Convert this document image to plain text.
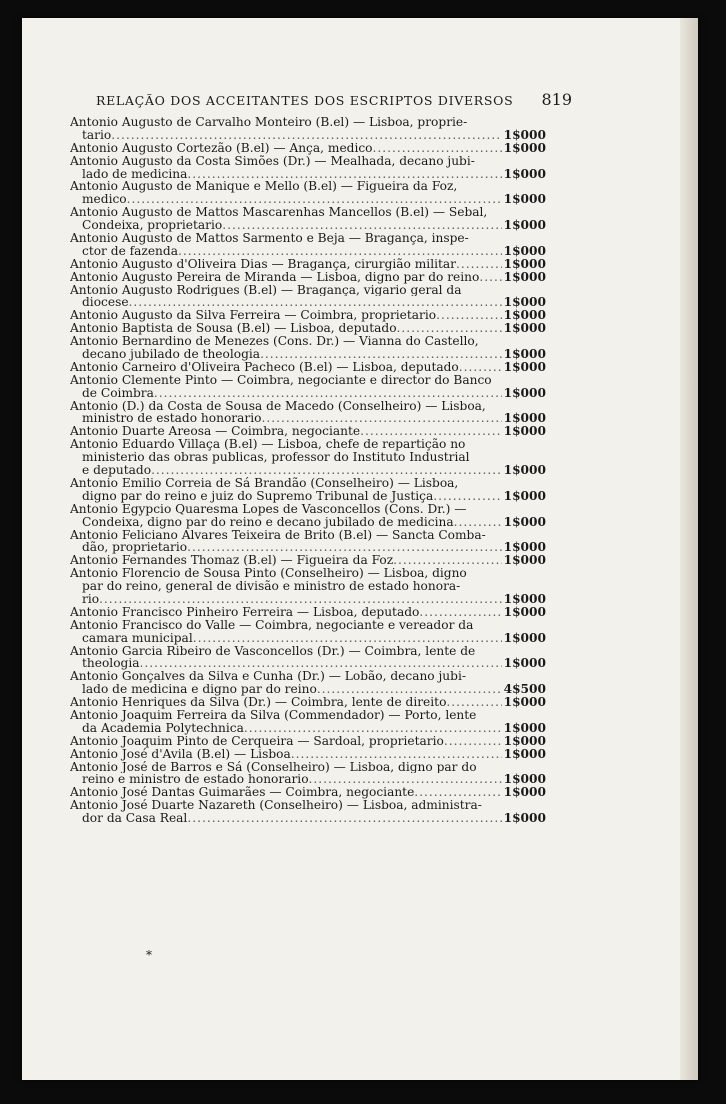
RELAÇÃO DOS ACCEITANTES DOS ESCRIPTOS DIVERSOS 819
Antonio Augusto de Carvalho Monteiro (B.el) — Lisboa, proprie-
tario .....	1$000
Antonio Augusto Cortezão (B.el) — Ança, medico .....	1$000
Antonio Augusto da Costa Simões (Dr.) — Mealhada, decano jubi-
lado de medicina .....	1$000
Antonio Augusto de Manique e Mello (B.el) — Figueira da Foz,
medico .....	1$000
Antonio Augusto de Mattos Mascarenhas Mancellos (B.el) — Sebal,
Condeixa, proprietario .....	1$000
Antonio Augusto de Mattos Sarmento e Beja — Bragança, inspe-
ctor de fazenda .....	1$000
Antonio Augusto d'Oliveira Dias — Bragança, cirurgião militar .....	1$000
Antonio Augusto Pereira de Miranda — Lisboa, digno par do reino ..... 1$000
Antonio Augusto Rodrigues (B.el) — Bragança, vigario geral da
diocese .....	1$000
Antonio Augusto da Silva Ferreira — Coimbra, proprietario .....	1$000
Antonio Baptista de Sousa (B.el) — Lisboa, deputado .....	1$000
Antonio Bernardino de Menezes (Cons. Dr.) — Vianna do Castello,
decano jubilado de theologia .....	1$000
Antonio Carneiro d'Oliveira Pacheco (B.el) — Lisboa, deputado .....	1$000
Antonio Clemente Pinto — Coimbra, negociante e director do Banco
de Coimbra .....	1$000
Antonio (D.) da Costa de Sousa de Macedo (Conselheiro) — Lisboa,
ministro de estado honorario .....	1$000
Antonio Duarte Areosa — Coimbra, negociante .....	1$000
Antonio Eduardo Villaça (B.el) — Lisboa, chefe de repartição no
ministerio das obras publicas, professor do Instituto Industrial
e deputado .....	1$000
Antonio Emilio Correia de Sá Brandão (Conselheiro) — Lisboa,
digno par do reino e juiz do Supremo Tribunal de Justiça .....	1$000
Antonio Egypcio Quaresma Lopes de Vasconcellos (Cons. Dr.) —
Condeixa, digno par do reino e decano jubilado de medicina .....	1$000
Antonio Feliciano Alvares Teixeira de Brito (B.el) — Sancta Comba-
dão, proprietario .....	1$000
Antonio Fernandes Thomaz (B.el) — Figueira da Foz .....	1$000
Antonio Florencio de Sousa Pinto (Conselheiro) — Lisboa, digno
par do reino, general de divisão e ministro de estado honora-
rio .....	1$000
Antonio Francisco Pinheiro Ferreira — Lisboa, deputado .....	1$000
Antonio Francisco do Valle — Coimbra, negociante e vereador da
camara municipal .....	1$000
Antonio Garcia Ribeiro de Vasconcellos (Dr.) — Coimbra, lente de
theologia .....	1$000
Antonio Gonçalves da Silva e Cunha (Dr.) — Lobão, decano jubi-
lado de medicina e digno par do reino .....	4$500
Antonio Henriques da Silva (Dr.) — Coimbra, lente de direito .....	1$000
Antonio Joaquim Ferreira da Silva (Commendador) — Porto, lente
da Academia Polytechnica .....	1$000
Antonio Joaquim Pinto de Cerqueira — Sardoal, proprietario .....	1$000
Antonio José d'Avila (B.el) — Lisboa .....	1$000
Antonio José de Barros e Sá (Conselheiro) — Lisboa, digno par do
reino e ministro de estado honorario .....	1$000
Antonio José Dantas Guimarães — Coimbra, negociante .....	1$000
Antonio José Duarte Nazareth (Conselheiro) — Lisboa, administra-
dor da Casa Real .....	1$000
*
